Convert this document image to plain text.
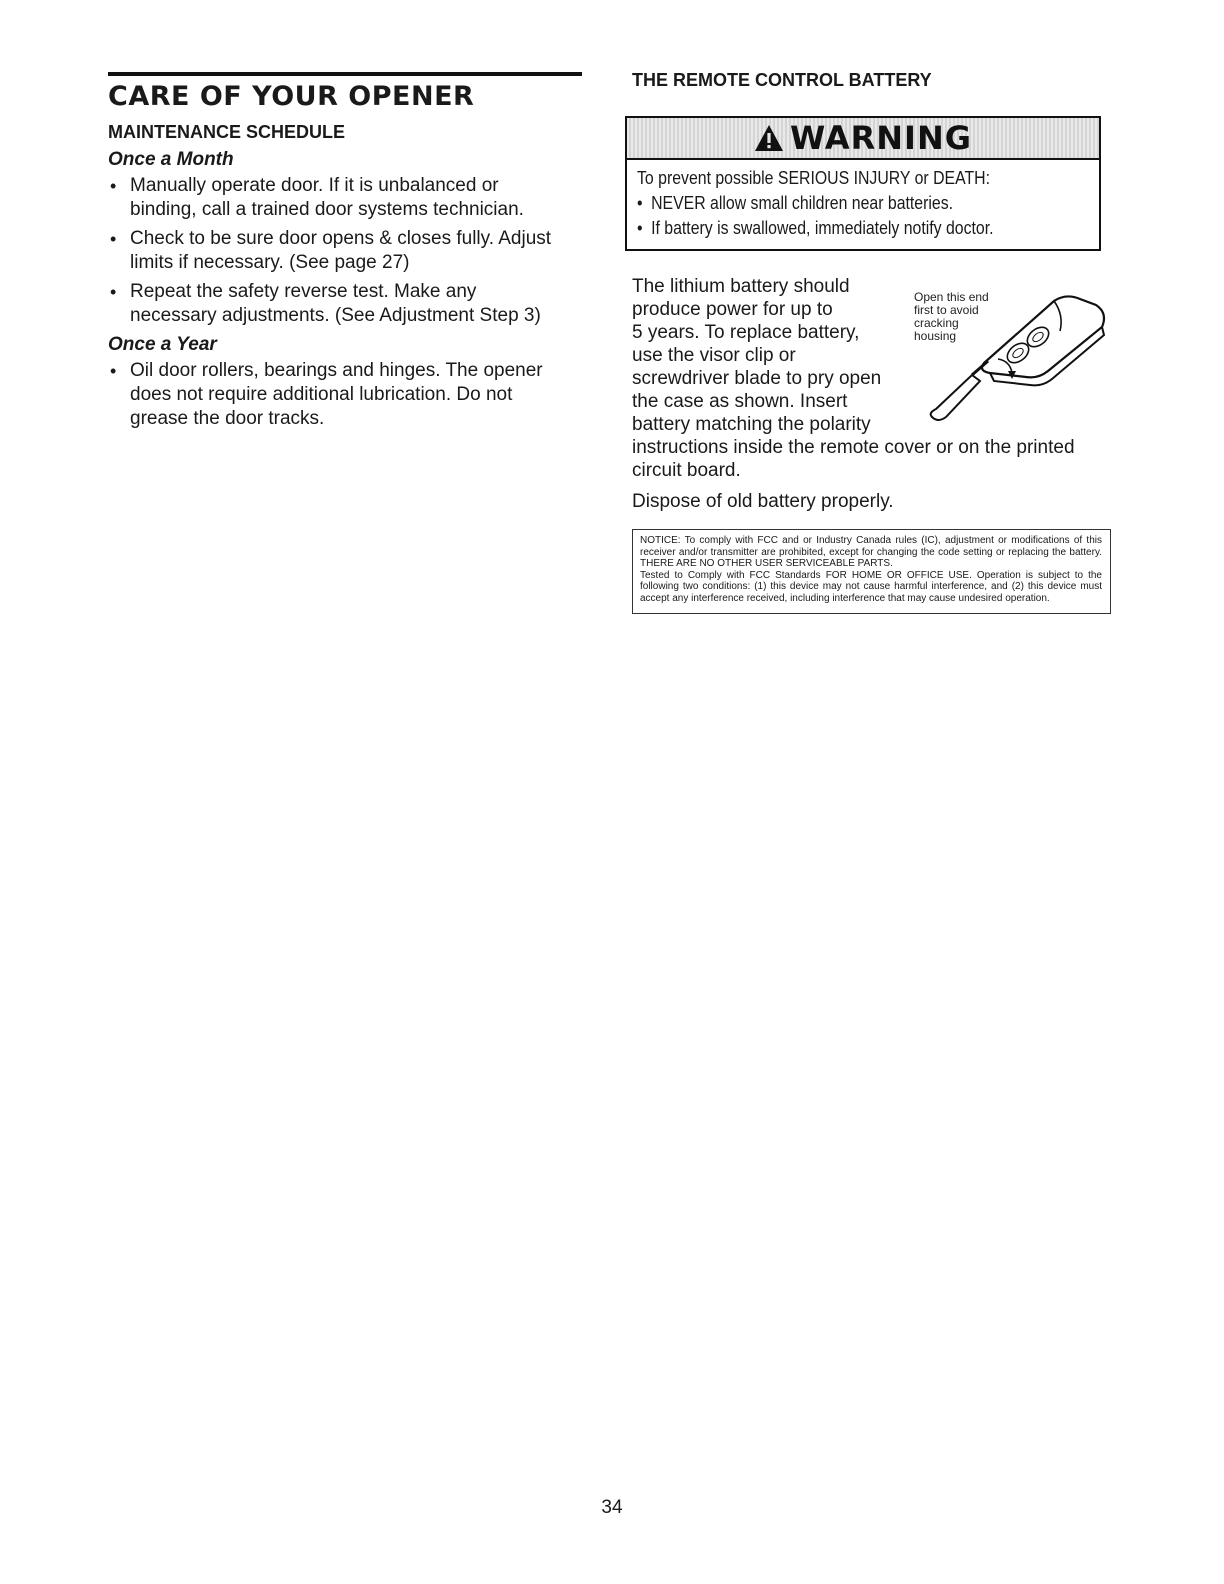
CARE OF YOUR OPENER
MAINTENANCE SCHEDULE
Once a Month
• Manually operate door. If it is unbalanced or
binding, call a trained door systems technician.
• Check to be sure door opens & closes fully. Adjust
limits if necessary. (See page 27)
• Repeat the safety reverse test. Make any
necessary adjustments. (See Adjustment Step 3)
Once a Year
• Oil door rollers, bearings and hinges. The opener
does not require additional lubrication. Do not
grease the door tracks.
THE REMOTE CONTROL BATTERY
WARNING
To prevent possible SERIOUS INJURY or DEATH:
• NEVER allow small children near batteries.
• If battery is swallowed, immediately notify doctor.
The lithium battery should
produce power for up to
5 years. To replace battery,
use the visor clip or
screwdriver blade to pry open
the case as shown. Insert
battery matching the polarity
instructions inside the remote cover or on the printed
circuit board.
Dispose of old battery properly.
Open this end
first to avoid
cracking
housing

NOTICE: To comply with FCC and or Industry Canada rules (IC), adjustment or modifications of this receiver and/or transmitter are prohibited, except for changing the code setting or replacing the battery. THERE ARE NO OTHER USER SERVICEABLE PARTS.

Tested to Comply with FCC Standards FOR HOME OR OFFICE USE. Operation is subject to the following two conditions: (1) this device may not cause harmful interference, and (2) this device must accept any interference received, including interference that may cause undesired operation.

34
